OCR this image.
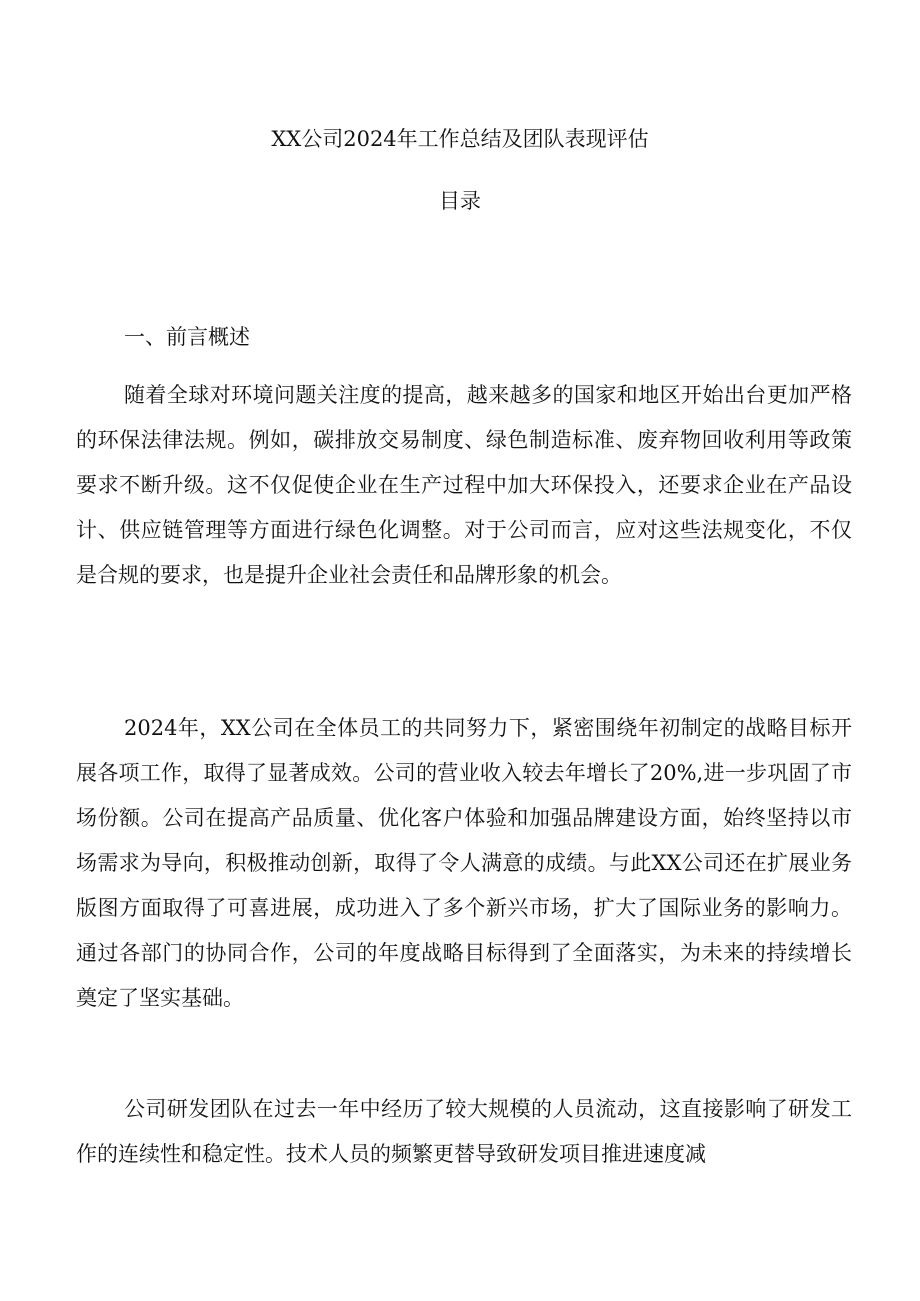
XX公司2024年工作总结及团队表现评估
目录
一、前言概述

随着全球对环境问题关注度的提高，越来越多的国家和地区开始出台更加严格的环保法律法规。例如，碳排放交易制度、绿色制造标准、废弃物回收利用等政策要求不断升级。这不仅促使企业在生产过程中加大环保投入，还要求企业在产品设计、供应链管理等方面进行绿色化调整。对于公司而言，应对这些法规变化，不仅是合规的要求，也是提升企业社会责任和品牌形象的机会。

2024年，XX公司在全体员工的共同努力下，紧密围绕年初制定的战略目标开展各项工作，取得了显著成效。公司的营业收入较去年增长了20%,进一步巩固了市场份额。公司在提高产品质量、优化客户体验和加强品牌建设方面，始终坚持以市场需求为导向，积极推动创新，取得了令人满意的成绩。与此XX公司还在扩展业务版图方面取得了可喜进展，成功进入了多个新兴市场，扩大了国际业务的影响力。通过各部门的协同合作，公司的年度战略目标得到了全面落实，为未来的持续增长奠定了坚实基础。

公司研发团队在过去一年中经历了较大规模的人员流动，这直接影响了研发工作的连续性和稳定性。技术人员的频繁更替导致研发项目推进速度减
